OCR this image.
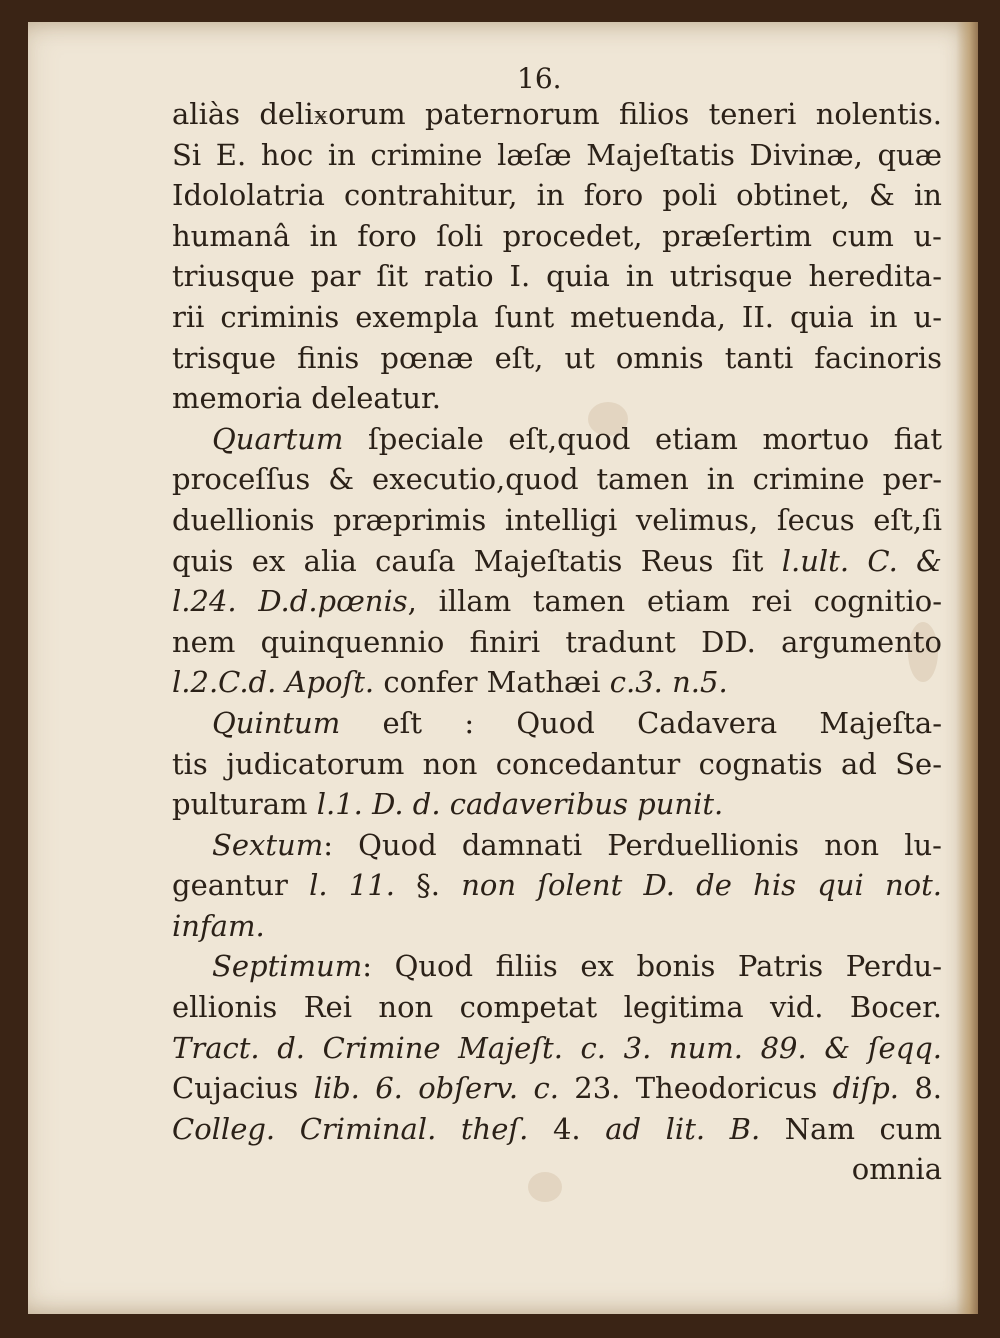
16.
aliàs deliӿorum paternorum filios teneri nolentis.
Si E. hoc in crimine læſæ Majeſtatis Divinæ, quæ
Idololatria contrahitur, in foro poli obtinet, & in
humanâ in foro ſoli procedet, præſertim cum u-
triusque par ſit ratio I. quia in utrisque heredita-
rii criminis exempla ſunt metuenda, II. quia in u-
trisque finis pœnæ eſt, ut omnis tanti facinoris
memoria deleatur.
Quartum ſpeciale eſt,quod etiam mortuo fiat
proceſſus & executio,quod tamen in crimine per-
duellionis præprimis intelligi velimus, ſecus eſt,ſi
quis ex alia cauſa Majeſtatis Reus ſit l.ult. C. &
l.24. D.d.pœnis, illam tamen etiam rei cognitio-
nem quinquennio finiri tradunt DD. argumento
l.2.C.d. Apoſt. confer Mathæi c.3. n.5.
Quintum eſt : Quod Cadavera Majeſta-
tis judicatorum non concedantur cognatis ad Se-
pulturam l.1. D. d. cadaveribus punit.
Sextum: Quod damnati Perduellionis non lu-
geantur l. 11. §. non ſolent D. de his qui not.
infam.
Septimum: Quod filiis ex bonis Patris Perdu-
ellionis Rei non competat legitima vid. Bocer.
Tract. d. Crimine Majeſt. c. 3. num. 89. & ſeqq.
Cujacius lib. 6. obſerv. c. 23. Theodoricus diſp. 8.
Colleg. Criminal. theſ. 4. ad lit. B. Nam cum
omnia
